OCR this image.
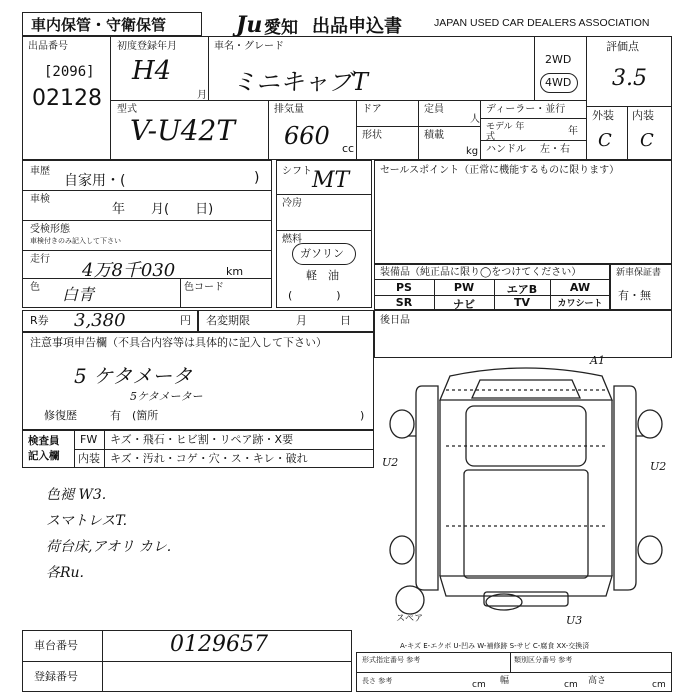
車内保管・守衛保管	Ju 愛知 出品申込書	JAPAN USED CAR DEALERS ASSOCIATION
出品番号
[2096]
02128
初度登録年月
H4
月
車名・グレード
ミニキャブT
2WD
4WD
評価点
3.5
外装 内装
C C
型式
V-U42T
排気量
660 cc
ドア	定員
人
形状	積載
kg
ディーラー・並行
モデル 年式	年
ハンドル 左・右
車歴
自家用・(	)
車検
年　　月(　　日)
受検形態
車検付きのみ記入して下さい
走行
4万8千030	km
色 白青	色コード
シフト MT
冷房
燃料
ガソリン
軽　油
(　　　　)
セールスポイント（正常に機能するものに限ります）
装備品（純正品に限り◯をつけてください）
PS	PW	エアB	AW
SR	ナビ	TV	カワシート
新車保証書
有・無
R券 3,380	円 名変期限	月　　　日	後日品
注意事項申告欄（不具合内容等は具体的に記入して下さい）
5 ケタメータ
5ケタメーター
修復歴	有　(箇所	)
検査員 記入欄
FW キズ・飛石・ヒビ割・リペア跡・X要
内装 キズ・汚れ・コゲ・穴・ス・キレ・破れ
色褪 W3.
スマトレスT.
荷台床,アオリ カレ.
各Ru.
A1
U2	U2
U3
スペア
A-キズ E-エクボ U-凹み W-補修跡 S-サビ C-腐食 XX-交換済
車台番号	0129657
登録番号
形式指定番号 参考	類別区分番号 参考
長さ 参考	cm 幅	cm 高さ	cm
